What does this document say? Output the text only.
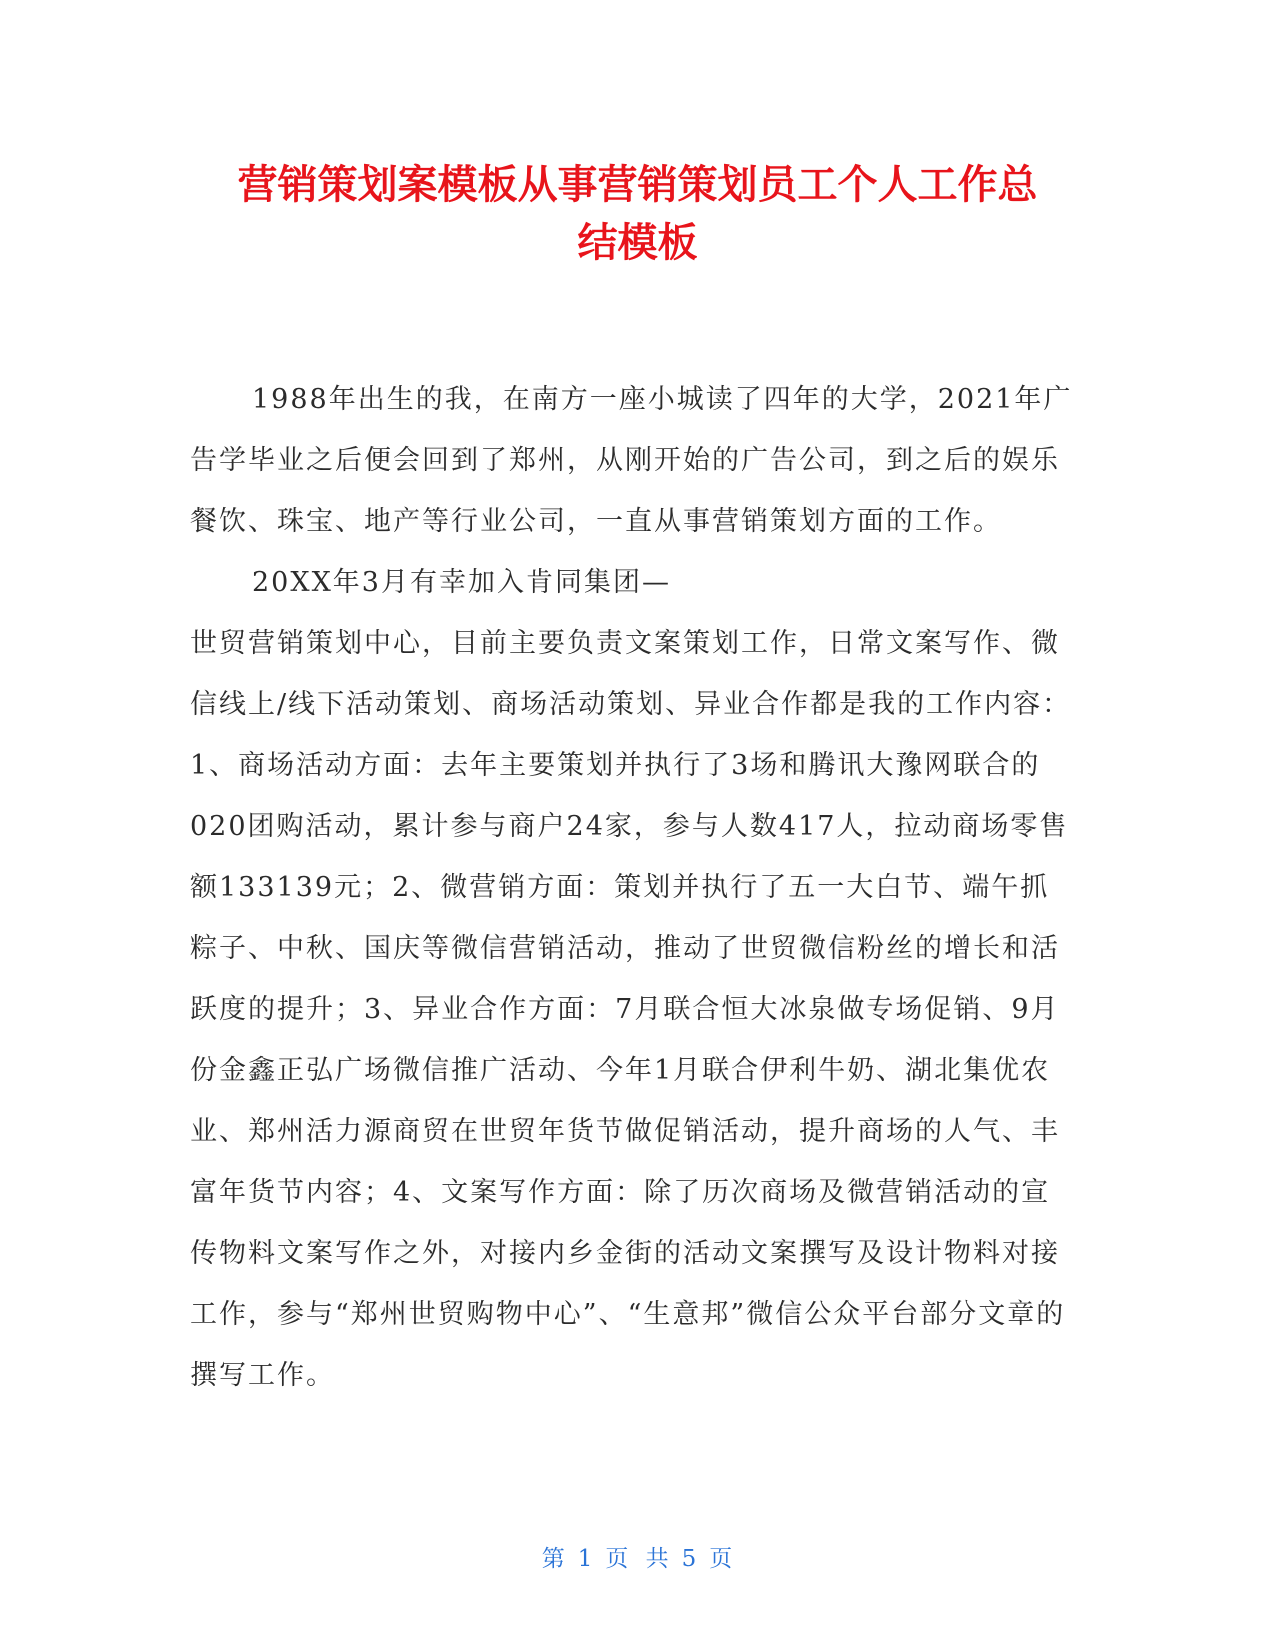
营销策划案模板从事营销策划员工个人工作总
结模板

1988年出生的我，在南方一座小城读了四年的大学，2021年广告学毕业之后便会回到了郑州，从刚开始的广告公司，到之后的娱乐餐饮、珠宝、地产等行业公司，一直从事营销策划方面的工作。

20XX年3月有幸加入肯同集团—

世贸营销策划中心，目前主要负责文案策划工作，日常文案写作、微信线上/线下活动策划、商场活动策划、异业合作都是我的工作内容：1、商场活动方面：去年主要策划并执行了3场和腾讯大豫网联合的020团购活动，累计参与商户24家，参与人数417人，拉动商场零售额133139元；2、微营销方面：策划并执行了五一大白节、端午抓粽子、中秋、国庆等微信营销活动，推动了世贸微信粉丝的增长和活跃度的提升；3、异业合作方面：7月联合恒大冰泉做专场促销、9月份金鑫正弘广场微信推广活动、今年1月联合伊利牛奶、湖北集优农业、郑州活力源商贸在世贸年货节做促销活动，提升商场的人气、丰富年货节内容；4、文案写作方面：除了历次商场及微营销活动的宣传物料文案写作之外，对接内乡金街的活动文案撰写及设计物料对接工作，参与“郑州世贸购物中心”、“生意邦”微信公众平台部分文章的撰写工作。

第 1 页 共 5 页
